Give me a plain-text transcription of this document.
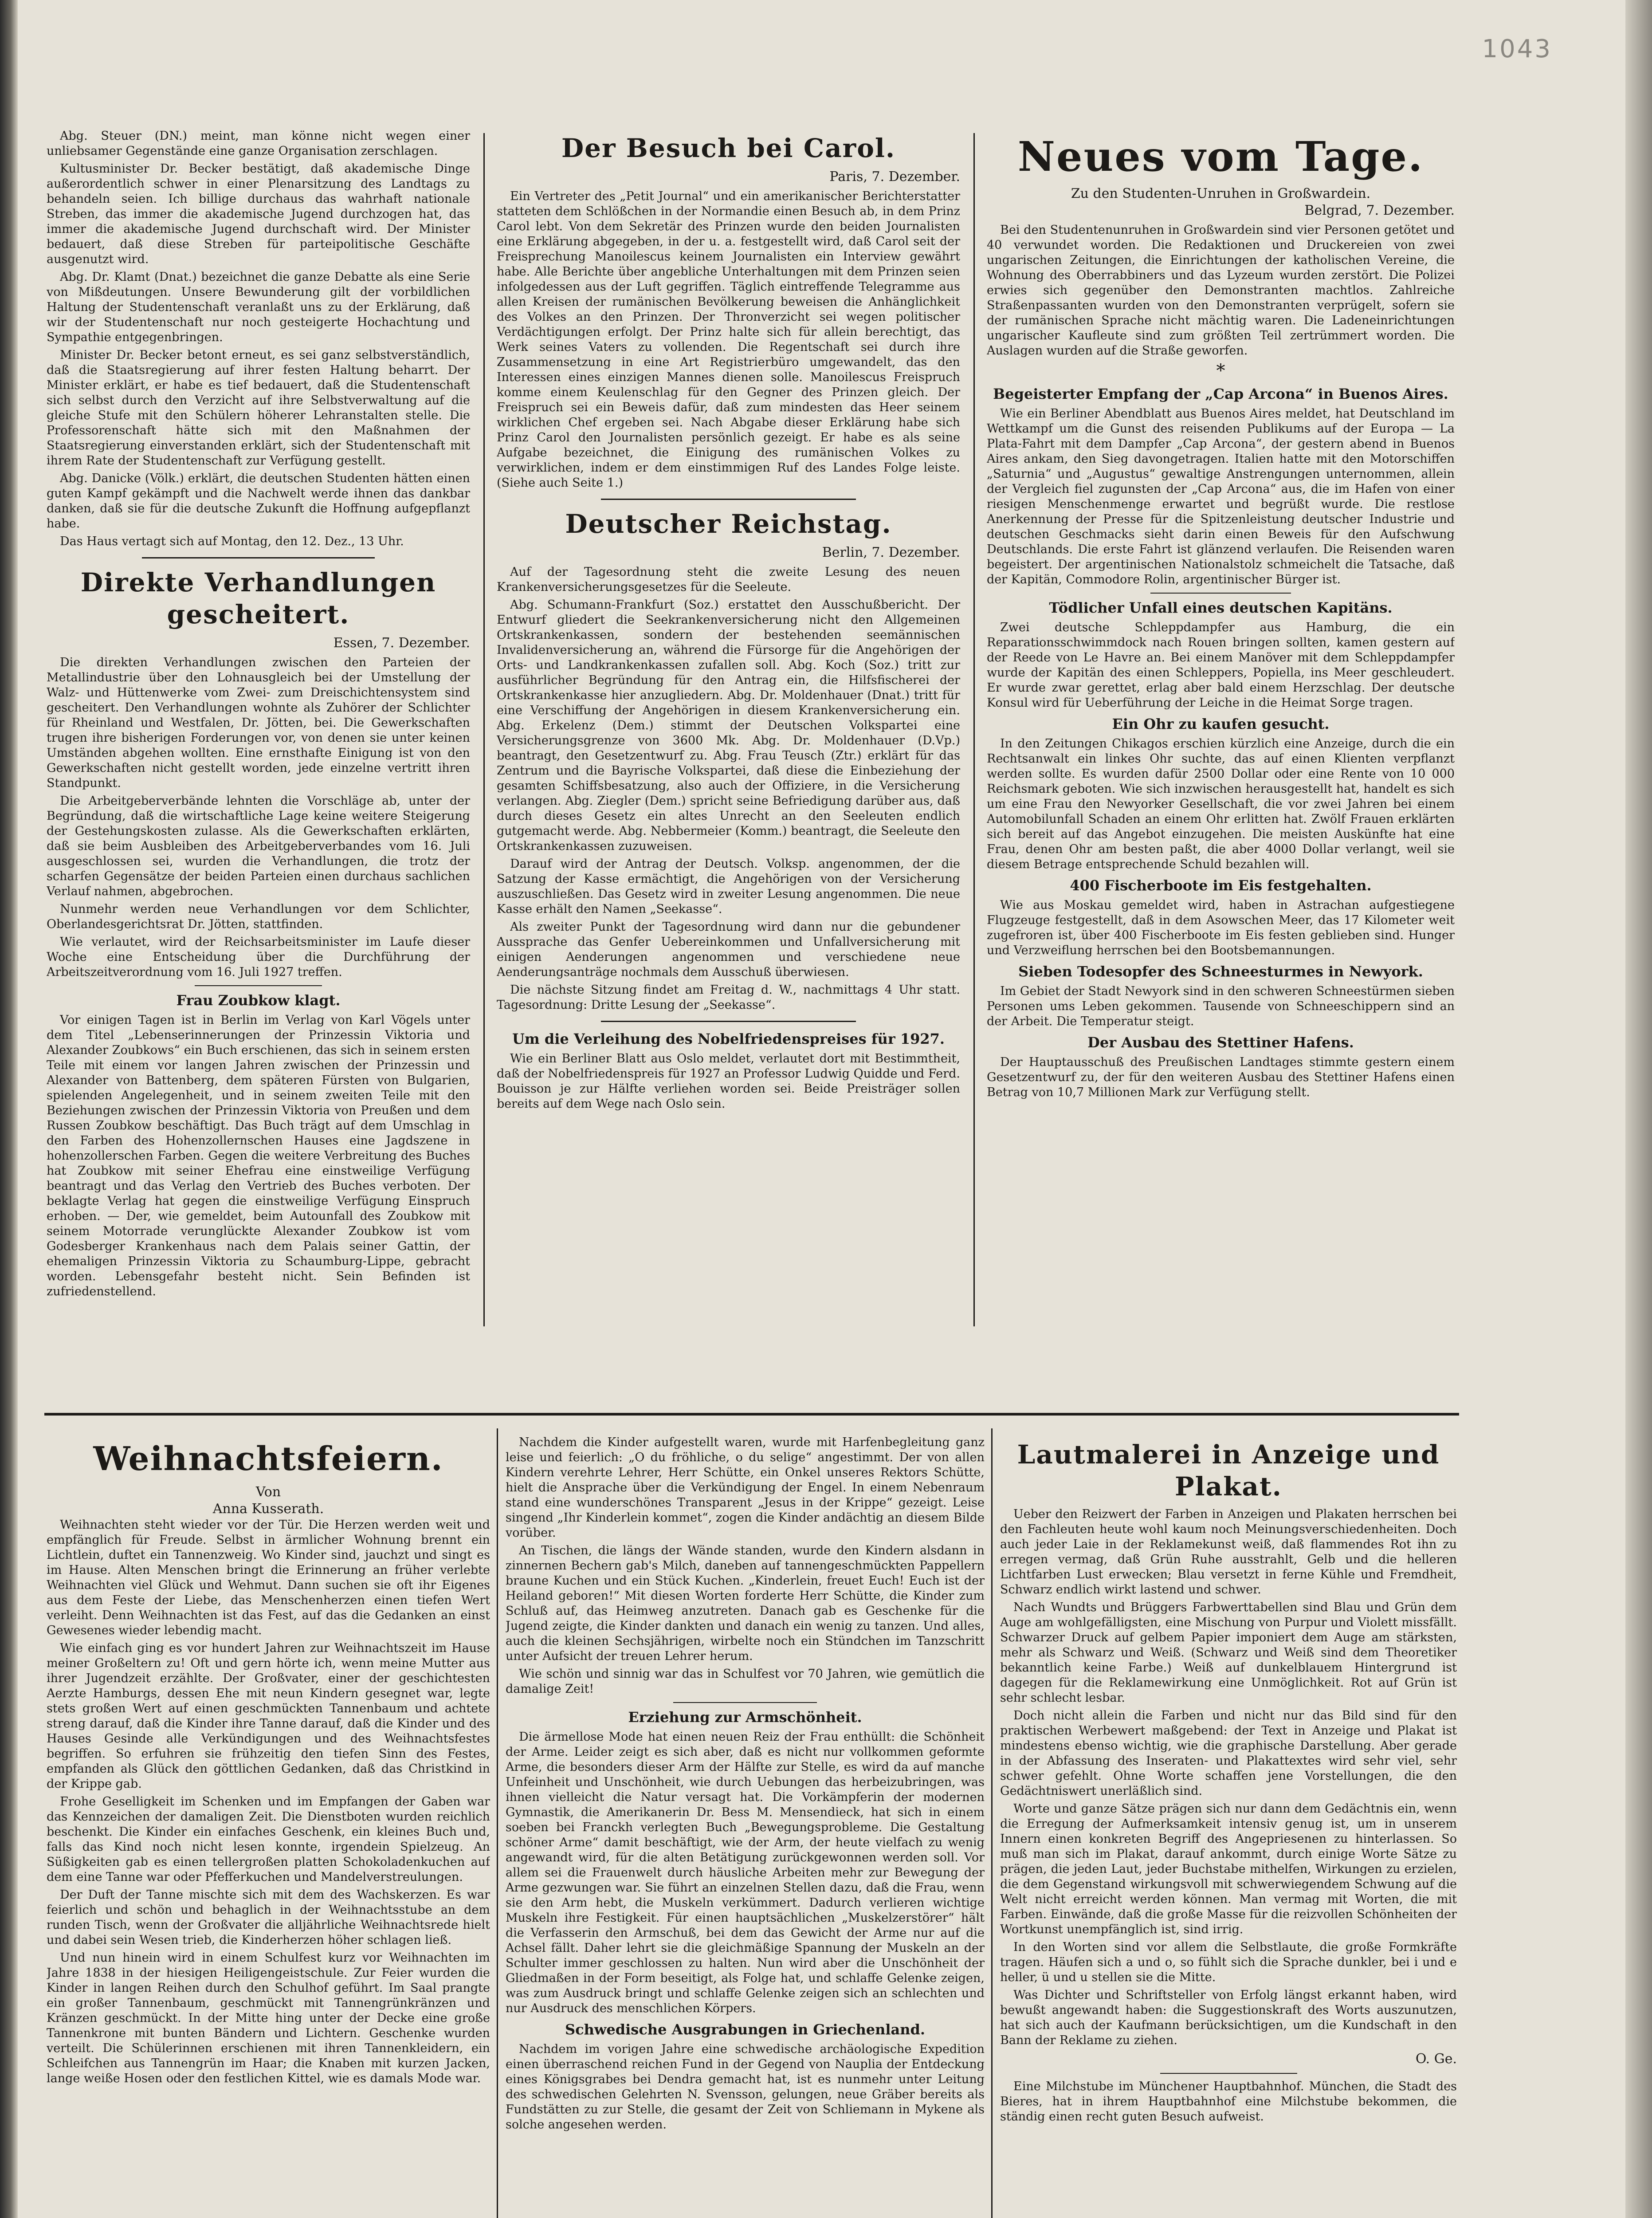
1043

Abg. Steuer (DN.) meint, man könne nicht wegen einer unliebsamer Gegenstände eine ganze Organisation zerschlagen.

Kultusminister Dr. Becker bestätigt, daß akademische Dinge außerordentlich schwer in einer Plenarsitzung des Landtags zu behandeln seien. Ich billige durchaus das wahrhaft nationale Streben, das immer die akademische Jugend durchzogen hat, das immer die akademische Jugend durchschaft wird. Der Minister bedauert, daß diese Streben für parteipolitische Geschäfte ausgenutzt wird.

Abg. Dr. Klamt (Dnat.) bezeichnet die ganze Debatte als eine Serie von Mißdeutungen. Unsere Bewunderung gilt der vorbildlichen Haltung der Studentenschaft veranlaßt uns zu der Erklärung, daß wir der Studentenschaft nur noch gesteigerte Hochachtung und Sympathie entgegenbringen.

Minister Dr. Becker betont erneut, es sei ganz selbstverständlich, daß die Staatsregierung auf ihrer festen Haltung beharrt. Der Minister erklärt, er habe es tief bedauert, daß die Studentenschaft sich selbst durch den Verzicht auf ihre Selbstverwaltung auf die gleiche Stufe mit den Schülern höherer Lehranstalten stelle. Die Professorenschaft hätte sich mit den Maßnahmen der Staatsregierung einverstanden erklärt, sich der Studentenschaft mit ihrem Rate der Studentenschaft zur Verfügung gestellt.

Abg. Danicke (Völk.) erklärt, die deutschen Studenten hätten einen guten Kampf gekämpft und die Nachwelt werde ihnen das dankbar danken, daß sie für die deutsche Zukunft die Hoffnung aufgepflanzt habe.

Das Haus vertagt sich auf Montag, den 12. Dez., 13 Uhr.

Direkte Verhandlungen gescheitert.
Essen, 7. Dezember.

Die direkten Verhandlungen zwischen den Parteien der Metallindustrie über den Lohnausgleich bei der Umstellung der Walz- und Hüttenwerke vom Zwei- zum Dreischichtensystem sind gescheitert. Den Verhandlungen wohnte als Zuhörer der Schlichter für Rheinland und Westfalen, Dr. Jötten, bei. Die Gewerkschaften trugen ihre bisherigen Forderungen vor, von denen sie unter keinen Umständen abgehen wollten. Eine ernsthafte Einigung ist von den Gewerkschaften nicht gestellt worden, jede einzelne vertritt ihren Standpunkt.

Die Arbeitgeberverbände lehnten die Vorschläge ab, unter der Begründung, daß die wirtschaftliche Lage keine weitere Steigerung der Gestehungskosten zulasse. Als die Gewerkschaften erklärten, daß sie beim Ausbleiben des Arbeitgeberverbandes vom 16. Juli ausgeschlossen sei, wurden die Verhandlungen, die trotz der scharfen Gegensätze der beiden Parteien einen durchaus sachlichen Verlauf nahmen, abgebrochen.

Nunmehr werden neue Verhandlungen vor dem Schlichter, Oberlandesgerichtsrat Dr. Jötten, stattfinden.

Wie verlautet, wird der Reichsarbeitsminister im Laufe dieser Woche eine Entscheidung über die Durchführung der Arbeitszeitverordnung vom 16. Juli 1927 treffen.

Frau Zoubkow klagt.

Vor einigen Tagen ist in Berlin im Verlag von Karl Vögels unter dem Titel „Lebenserinnerungen der Prinzessin Viktoria und Alexander Zoubkows“ ein Buch erschienen, das sich in seinem ersten Teile mit einem vor langen Jahren zwischen der Prinzessin und Alexander von Battenberg, dem späteren Fürsten von Bulgarien, spielenden Angelegenheit, und in seinem zweiten Teile mit den Beziehungen zwischen der Prinzessin Viktoria von Preußen und dem Russen Zoubkow beschäftigt. Das Buch trägt auf dem Umschlag in den Farben des Hohenzollernschen Hauses eine Jagdszene in hohenzollerschen Farben. Gegen die weitere Verbreitung des Buches hat Zoubkow mit seiner Ehefrau eine einstweilige Verfügung beantragt und das Verlag den Vertrieb des Buches verboten. Der beklagte Verlag hat gegen die einstweilige Verfügung Einspruch erhoben. — Der, wie gemeldet, beim Autounfall des Zoubkow mit seinem Motorrade verunglückte Alexander Zoubkow ist vom Godesberger Krankenhaus nach dem Palais seiner Gattin, der ehemaligen Prinzessin Viktoria zu Schaumburg-Lippe, gebracht worden. Lebensgefahr besteht nicht. Sein Befinden ist zufriedenstellend.

Der Besuch bei Carol.
Paris, 7. Dezember.

Ein Vertreter des „Petit Journal“ und ein amerikanischer Berichterstatter statteten dem Schlößchen in der Normandie einen Besuch ab, in dem Prinz Carol lebt. Von dem Sekretär des Prinzen wurde den beiden Journalisten eine Erklärung abgegeben, in der u. a. festgestellt wird, daß Carol seit der Freisprechung Manoilescus keinem Journalisten ein Interview gewährt habe. Alle Berichte über angebliche Unterhaltungen mit dem Prinzen seien infolgedessen aus der Luft gegriffen. Täglich eintreffende Telegramme aus allen Kreisen der rumänischen Bevölkerung beweisen die Anhänglichkeit des Volkes an den Prinzen. Der Thronverzicht sei wegen politischer Verdächtigungen erfolgt. Der Prinz halte sich für allein berechtigt, das Werk seines Vaters zu vollenden. Die Regentschaft sei durch ihre Zusammensetzung in eine Art Registrierbüro umgewandelt, das den Interessen eines einzigen Mannes dienen solle. Manoilescus Freispruch komme einem Keulenschlag für den Gegner des Prinzen gleich. Der Freispruch sei ein Beweis dafür, daß zum mindesten das Heer seinem wirklichen Chef ergeben sei. Nach Abgabe dieser Erklärung habe sich Prinz Carol den Journalisten persönlich gezeigt. Er habe es als seine Aufgabe bezeichnet, die Einigung des rumänischen Volkes zu verwirklichen, indem er dem einstimmigen Ruf des Landes Folge leiste. (Siehe auch Seite 1.)

Deutscher Reichstag.
Berlin, 7. Dezember.

Auf der Tagesordnung steht die zweite Lesung des neuen Krankenversicherungsgesetzes für die Seeleute.

Abg. Schumann-Frankfurt (Soz.) erstattet den Ausschußbericht. Der Entwurf gliedert die Seekrankenversicherung nicht den Allgemeinen Ortskrankenkassen, sondern der bestehenden seemännischen Invalidenversicherung an, während die Fürsorge für die Angehörigen der Orts- und Landkrankenkassen zufallen soll. Abg. Koch (Soz.) tritt zur ausführlicher Begründung für den Antrag ein, die Hilfsfischerei der Ortskrankenkasse hier anzugliedern. Abg. Dr. Moldenhauer (Dnat.) tritt für eine Verschiffung der Angehörigen in diesem Krankenversicherung ein. Abg. Erkelenz (Dem.) stimmt der Deutschen Volkspartei eine Versicherungsgrenze von 3600 Mk. Abg. Dr. Moldenhauer (D.Vp.) beantragt, den Gesetzentwurf zu. Abg. Frau Teusch (Ztr.) erklärt für das Zentrum und die Bayrische Volkspartei, daß diese die Einbeziehung der gesamten Schiffsbesatzung, also auch der Offiziere, in die Versicherung verlangen. Abg. Ziegler (Dem.) spricht seine Befriedigung darüber aus, daß durch dieses Gesetz ein altes Unrecht an den Seeleuten endlich gutgemacht werde. Abg. Nebbermeier (Komm.) beantragt, die Seeleute den Ortskrankenkassen zuzuweisen.

Darauf wird der Antrag der Deutsch. Volksp. angenommen, der die Satzung der Kasse ermächtigt, die Angehörigen von der Versicherung auszuschließen. Das Gesetz wird in zweiter Lesung angenommen. Die neue Kasse erhält den Namen „Seekasse“.

Als zweiter Punkt der Tagesordnung wird dann nur die gebundener Aussprache das Genfer Uebereinkommen und Unfallversicherung mit einigen Aenderungen angenommen und verschiedene neue Aenderungsanträge nochmals dem Ausschuß überwiesen.

Die nächste Sitzung findet am Freitag d. W., nachmittags 4 Uhr statt. Tagesordnung: Dritte Lesung der „Seekasse“.

Um die Verleihung des Nobelfriedenspreises für 1927.

Wie ein Berliner Blatt aus Oslo meldet, verlautet dort mit Bestimmtheit, daß der Nobelfriedenspreis für 1927 an Professor Ludwig Quidde und Ferd. Bouisson je zur Hälfte verliehen worden sei. Beide Preisträger sollen bereits auf dem Wege nach Oslo sein.

Neues vom Tage.
Zu den Studenten-Unruhen in Großwardein.
Belgrad, 7. Dezember.

Bei den Studentenunruhen in Großwardein sind vier Personen getötet und 40 verwundet worden. Die Redaktionen und Druckereien von zwei ungarischen Zeitungen, die Einrichtungen der katholischen Vereine, die Wohnung des Oberrabbiners und das Lyzeum wurden zerstört. Die Polizei erwies sich gegenüber den Demonstranten machtlos. Zahlreiche Straßenpassanten wurden von den Demonstranten verprügelt, sofern sie der rumänischen Sprache nicht mächtig waren. Die Ladeneinrichtungen ungarischer Kaufleute sind zum größten Teil zertrümmert worden. Die Auslagen wurden auf die Straße geworfen.

*
Begeisterter Empfang der „Cap Arcona“ in Buenos Aires.

Wie ein Berliner Abendblatt aus Buenos Aires meldet, hat Deutschland im Wettkampf um die Gunst des reisenden Publikums auf der Europa — La Plata-Fahrt mit dem Dampfer „Cap Arcona“, der gestern abend in Buenos Aires ankam, den Sieg davongetragen. Italien hatte mit den Motorschiffen „Saturnia“ und „Augustus“ gewaltige Anstrengungen unternommen, allein der Vergleich fiel zugunsten der „Cap Arcona“ aus, die im Hafen von einer riesigen Menschenmenge erwartet und begrüßt wurde. Die restlose Anerkennung der Presse für die Spitzenleistung deutscher Industrie und deutschen Geschmacks sieht darin einen Beweis für den Aufschwung Deutschlands. Die erste Fahrt ist glänzend verlaufen. Die Reisenden waren begeistert. Der argentinischen Nationalstolz schmeichelt die Tatsache, daß der Kapitän, Commodore Rolin, argentinischer Bürger ist.

Tödlicher Unfall eines deutschen Kapitäns.

Zwei deutsche Schleppdampfer aus Hamburg, die ein Reparationsschwimmdock nach Rouen bringen sollten, kamen gestern auf der Reede von Le Havre an. Bei einem Manöver mit dem Schleppdampfer wurde der Kapitän des einen Schleppers, Popiella, ins Meer geschleudert. Er wurde zwar gerettet, erlag aber bald einem Herzschlag. Der deutsche Konsul wird für Ueberführung der Leiche in die Heimat Sorge tragen.

Ein Ohr zu kaufen gesucht.

In den Zeitungen Chikagos erschien kürzlich eine Anzeige, durch die ein Rechtsanwalt ein linkes Ohr suchte, das auf einen Klienten verpflanzt werden sollte. Es wurden dafür 2500 Dollar oder eine Rente von 10 000 Reichsmark geboten. Wie sich inzwischen herausgestellt hat, handelt es sich um eine Frau den Newyorker Gesellschaft, die vor zwei Jahren bei einem Automobilunfall Schaden an einem Ohr erlitten hat. Zwölf Frauen erklärten sich bereit auf das Angebot einzugehen. Die meisten Auskünfte hat eine Frau, denen Ohr am besten paßt, die aber 4000 Dollar verlangt, weil sie diesem Betrage entsprechende Schuld bezahlen will.

400 Fischerboote im Eis festgehalten.

Wie aus Moskau gemeldet wird, haben in Astrachan aufgestiegene Flugzeuge festgestellt, daß in dem Asowschen Meer, das 17 Kilometer weit zugefroren ist, über 400 Fischerboote im Eis festen geblieben sind. Hunger und Verzweiflung herrschen bei den Bootsbemannungen.

Sieben Todesopfer des Schneesturmes in Newyork.

Im Gebiet der Stadt Newyork sind in den schweren Schneestürmen sieben Personen ums Leben gekommen. Tausende von Schneeschippern sind an der Arbeit. Die Temperatur steigt.

Der Ausbau des Stettiner Hafens.

Der Hauptausschuß des Preußischen Landtages stimmte gestern einem Gesetzentwurf zu, der für den weiteren Ausbau des Stettiner Hafens einen Betrag von 10,7 Millionen Mark zur Verfügung stellt.

Weihnachtsfeiern.
Von
Anna Kusserath.

Weihnachten steht wieder vor der Tür. Die Herzen werden weit und empfänglich für Freude. Selbst in ärmlicher Wohnung brennt ein Lichtlein, duftet ein Tannenzweig. Wo Kinder sind, jauchzt und singt es im Hause. Alten Menschen bringt die Erinnerung an früher verlebte Weihnachten viel Glück und Wehmut. Dann suchen sie oft ihr Eigenes aus dem Feste der Liebe, das Menschenherzen einen tiefen Wert verleiht. Denn Weihnachten ist das Fest, auf das die Gedanken an einst Gewesenes wieder lebendig macht.

Wie einfach ging es vor hundert Jahren zur Weihnachtszeit im Hause meiner Großeltern zu! Oft und gern hörte ich, wenn meine Mutter aus ihrer Jugendzeit erzählte. Der Großvater, einer der geschichtesten Aerzte Hamburgs, dessen Ehe mit neun Kindern gesegnet war, legte stets großen Wert auf einen geschmückten Tannenbaum und achtete streng darauf, daß die Kinder ihre Tanne darauf, daß die Kinder und des Hauses Gesinde alle Verkündigungen und des Weihnachtsfestes begriffen. So erfuhren sie frühzeitig den tiefen Sinn des Festes, empfanden als Glück den göttlichen Gedanken, daß das Christkind in der Krippe gab.

Frohe Geselligkeit im Schenken und im Empfangen der Gaben war das Kennzeichen der damaligen Zeit. Die Dienstboten wurden reichlich beschenkt. Die Kinder ein einfaches Geschenk, ein kleines Buch und, falls das Kind noch nicht lesen konnte, irgendein Spielzeug. An Süßigkeiten gab es einen tellergroßen platten Schokoladenkuchen auf dem eine Tanne war oder Pfefferkuchen und Mandelverstreulungen.

Der Duft der Tanne mischte sich mit dem des Wachskerzen. Es war feierlich und schön und behaglich in der Weihnachtsstube an dem runden Tisch, wenn der Großvater die alljährliche Weihnachtsrede hielt und dabei sein Wesen trieb, die Kinderherzen höher schlagen ließ.

Und nun hinein wird in einem Schulfest kurz vor Weihnachten im Jahre 1838 in der hiesigen Heiligengeistschule. Zur Feier wurden die Kinder in langen Reihen durch den Schulhof geführt. Im Saal prangte ein großer Tannenbaum, geschmückt mit Tannengrünkränzen und Kränzen geschmückt. In der Mitte hing unter der Decke eine große Tannenkrone mit bunten Bändern und Lichtern. Geschenke wurden verteilt. Die Schülerinnen erschienen mit ihren Tannenkleidern, ein Schleifchen aus Tannengrün im Haar; die Knaben mit kurzen Jacken, lange weiße Hosen oder den festlichen Kittel, wie es damals Mode war.

Nachdem die Kinder aufgestellt waren, wurde mit Harfenbegleitung ganz leise und feierlich: „O du fröhliche, o du selige“ angestimmt. Der von allen Kindern verehrte Lehrer, Herr Schütte, ein Onkel unseres Rektors Schütte, hielt die Ansprache über die Verkündigung der Engel. In einem Nebenraum stand eine wunderschönes Transparent „Jesus in der Krippe“ gezeigt. Leise singend „Ihr Kinderlein kommet“, zogen die Kinder andächtig an diesem Bilde vorüber.

An Tischen, die längs der Wände standen, wurde den Kindern alsdann in zinnernen Bechern gab's Milch, daneben auf tannengeschmückten Pappellern braune Kuchen und ein Stück Kuchen. „Kinderlein, freuet Euch! Euch ist der Heiland geboren!“ Mit diesen Worten forderte Herr Schütte, die Kinder zum Schluß auf, das Heimweg anzutreten. Danach gab es Geschenke für die Jugend zeigte, die Kinder dankten und danach ein wenig zu tanzen. Und alles, auch die kleinen Sechsjährigen, wirbelte noch ein Stündchen im Tanzschritt unter Aufsicht der treuen Lehrer herum.

Wie schön und sinnig war das in Schulfest vor 70 Jahren, wie gemütlich die damalige Zeit!

Erziehung zur Armschönheit.

Die ärmellose Mode hat einen neuen Reiz der Frau enthüllt: die Schönheit der Arme. Leider zeigt es sich aber, daß es nicht nur vollkommen geformte Arme, die besonders dieser Arm der Hälfte zur Stelle, es wird da auf manche Unfeinheit und Unschönheit, wie durch Uebungen das herbeizubringen, was ihnen vielleicht die Natur versagt hat. Die Vorkämpferin der modernen Gymnastik, die Amerikanerin Dr. Bess M. Mensendieck, hat sich in einem soeben bei Franckh verlegten Buch „Bewegungsprobleme. Die Gestaltung schöner Arme“ damit beschäftigt, wie der Arm, der heute vielfach zu wenig angewandt wird, für die alten Betätigung zurückgewonnen werden soll. Vor allem sei die Frauenwelt durch häusliche Arbeiten mehr zur Bewegung der Arme gezwungen war. Sie führt an einzelnen Stellen dazu, daß die Frau, wenn sie den Arm hebt, die Muskeln verkümmert. Dadurch verlieren wichtige Muskeln ihre Festigkeit. Für einen hauptsächlichen „Muskelzerstörer“ hält die Verfasserin den Armschuß, bei dem das Gewicht der Arme nur auf die Achsel fällt. Daher lehrt sie die gleichmäßige Spannung der Muskeln an der Schulter immer geschlossen zu halten. Nun wird aber die Unschönheit der Gliedmaßen in der Form beseitigt, als Folge hat, und schlaffe Gelenke zeigen, was zum Ausdruck bringt und schlaffe Gelenke zeigen sich an schlechten und nur Ausdruck des menschlichen Körpers.

Schwedische Ausgrabungen in Griechenland.

Nachdem im vorigen Jahre eine schwedische archäologische Expedition einen überraschend reichen Fund in der Gegend von Nauplia der Entdeckung eines Königsgrabes bei Dendra gemacht hat, ist es nunmehr unter Leitung des schwedischen Gelehrten N. Svensson, gelungen, neue Gräber bereits als Fundstätten zu zur Stelle, die gesamt der Zeit von Schliemann in Mykene als solche angesehen werden.

Lautmalerei in Anzeige und Plakat.

Ueber den Reizwert der Farben in Anzeigen und Plakaten herrschen bei den Fachleuten heute wohl kaum noch Meinungsverschiedenheiten. Doch auch jeder Laie in der Reklamekunst weiß, daß flammendes Rot ihn zu erregen vermag, daß Grün Ruhe ausstrahlt, Gelb und die helleren Lichtfarben Lust erwecken; Blau versetzt in ferne Kühle und Fremdheit, Schwarz endlich wirkt lastend und schwer.

Nach Wundts und Brüggers Farbwerttabellen sind Blau und Grün dem Auge am wohlgefälligsten, eine Mischung von Purpur und Violett missfällt. Schwarzer Druck auf gelbem Papier imponiert dem Auge am stärksten, mehr als Schwarz und Weiß. (Schwarz und Weiß sind dem Theoretiker bekanntlich keine Farbe.) Weiß auf dunkelblauem Hintergrund ist dagegen für die Reklamewirkung eine Unmöglichkeit. Rot auf Grün ist sehr schlecht lesbar.

Doch nicht allein die Farben und nicht nur das Bild sind für den praktischen Werbewert maßgebend: der Text in Anzeige und Plakat ist mindestens ebenso wichtig, wie die graphische Darstellung. Aber gerade in der Abfassung des Inseraten- und Plakattextes wird sehr viel, sehr schwer gefehlt. Ohne Worte schaffen jene Vorstellungen, die den Gedächtniswert unerläßlich sind.

Worte und ganze Sätze prägen sich nur dann dem Gedächtnis ein, wenn die Erregung der Aufmerksamkeit intensiv genug ist, um in unserem Innern einen konkreten Begriff des Angepriesenen zu hinterlassen. So muß man sich im Plakat, darauf ankommt, durch einige Worte Sätze zu prägen, die jeden Laut, jeder Buchstabe mithelfen, Wirkungen zu erzielen, die dem Gegenstand wirkungsvoll mit schwerwiegendem Schwung auf die Welt nicht erreicht werden können. Man vermag mit Worten, die mit Farben. Einwände, daß die große Masse für die reizvollen Schönheiten der Wortkunst unempfänglich ist, sind irrig.

In den Worten sind vor allem die Selbstlaute, die große Formkräfte tragen. Häufen sich a und o, so fühlt sich die Sprache dunkler, bei i und e heller, ü und u stellen sie die Mitte.

Was Dichter und Schriftsteller von Erfolg längst erkannt haben, wird bewußt angewandt haben: die Suggestionskraft des Worts auszunutzen, hat sich auch der Kaufmann berücksichtigen, um die Kundschaft in den Bann der Reklame zu ziehen.

O. Ge.

Eine Milchstube im Münchener Hauptbahnhof. München, die Stadt des Bieres, hat in ihrem Hauptbahnhof eine Milchstube bekommen, die ständig einen recht guten Besuch aufweist.
